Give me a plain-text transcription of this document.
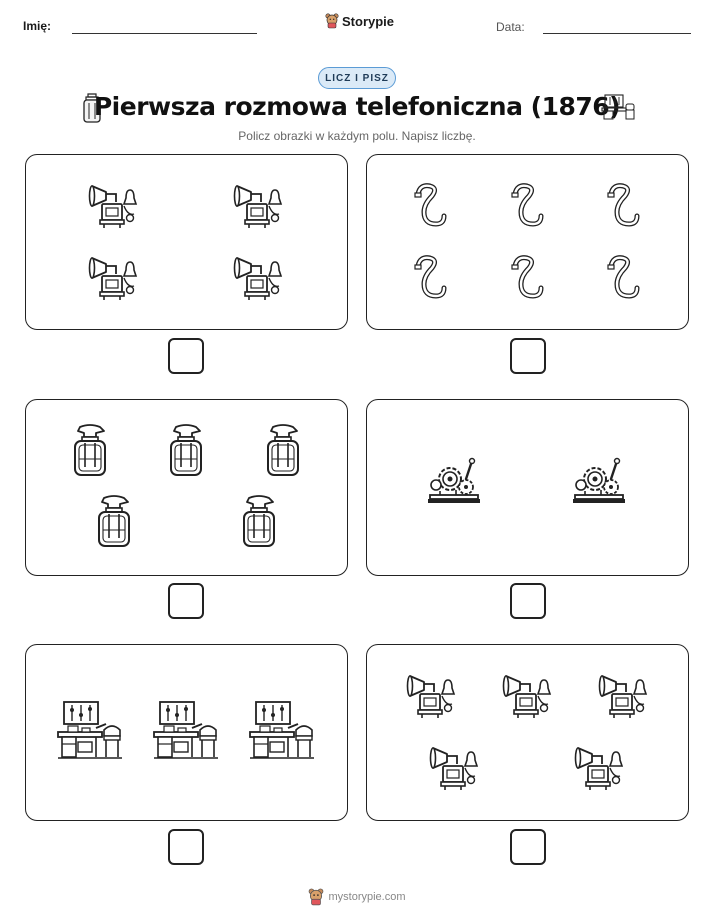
Imię:	Storypie	Data:
LICZ I PISZ
Pierwsza rozmowa telefoniczna (1876)
Policz obrazki w każdym polu. Napisz liczbę.
mystorypie.com
